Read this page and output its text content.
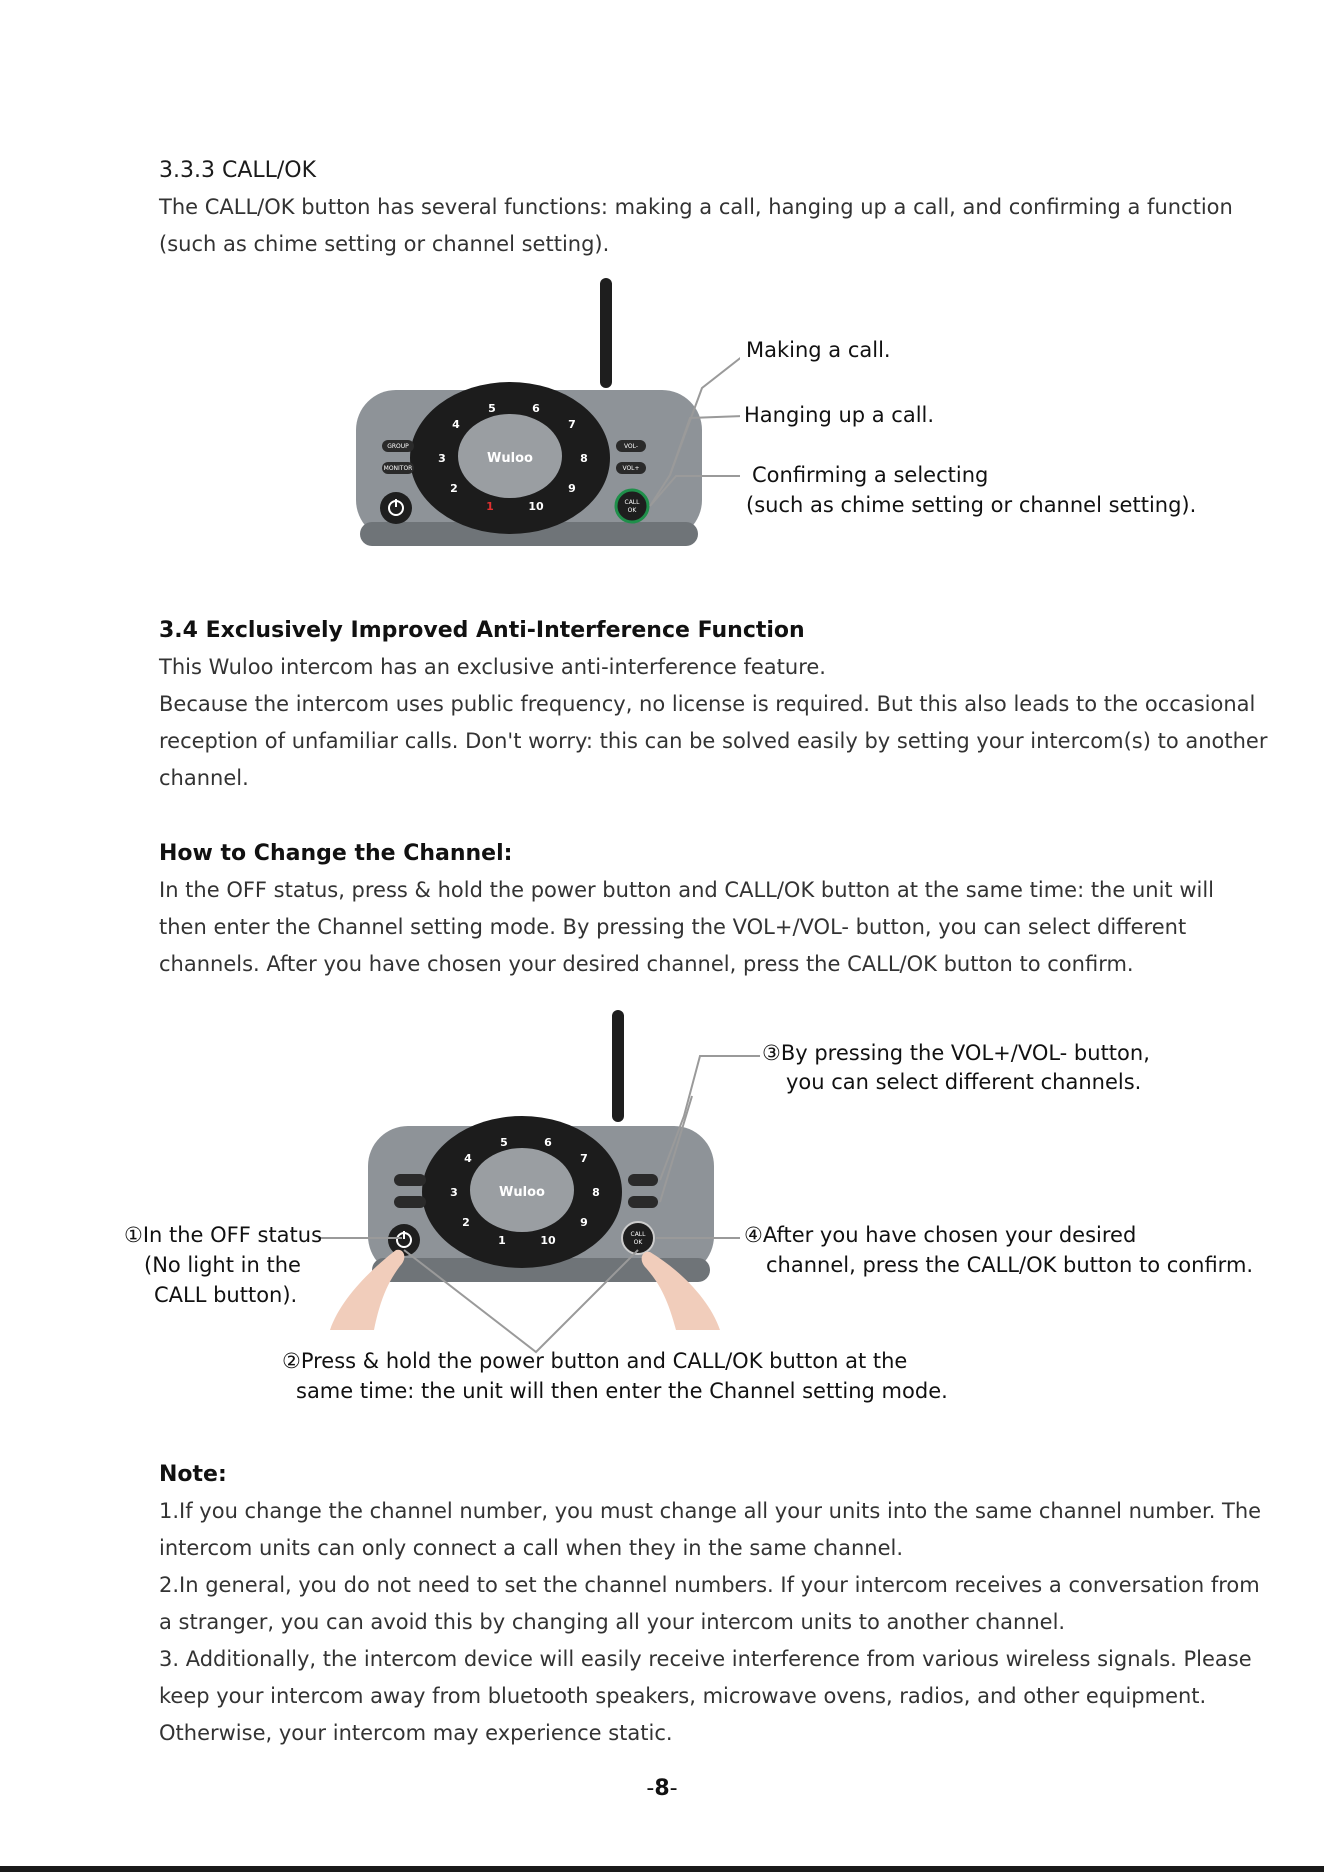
3.3.3 CALL/OK
The CALL/OK button has several functions: making a call, hanging up a call, and confirming a function
(such as chime setting or channel setting).
Wuloo
5	6
4	7
3	8
2	9
1	10
GROUP
MONITOR
VOL-
VOL+
CALL
OK
Making a call.
Hanging up a call.
Confirming a selecting
(such as chime setting or channel setting).
3.4 Exclusively Improved Anti-Interference Function
This Wuloo intercom has an exclusive anti-interference feature.
Because the intercom uses public frequency, no license is required. But this also leads to the occasional
reception of unfamiliar calls. Don't worry: this can be solved easily by setting your intercom(s) to another
channel.
How to Change the Channel:
In the OFF status, press & hold the power button and CALL/OK button at the same time: the unit will
then enter the Channel setting mode. By pressing the VOL+/VOL- button, you can select different
channels. After you have chosen your desired channel, press the CALL/OK button to confirm.
Wuloo
5	6
4	7
3	8
2	9
1	10	CALL
OK
①In the OFF status
(No light in the
CALL button).
②Press & hold the power button and CALL/OK button at the
same time: the unit will then enter the Channel setting mode.
③By pressing the VOL+/VOL- button,
you can select different channels.
④After you have chosen your desired
channel, press the CALL/OK button to confirm.
Note:
1.If you change the channel number, you must change all your units into the same channel number. The
intercom units can only connect a call when they in the same channel.
2.In general, you do not need to set the channel numbers. If your intercom receives a conversation from
a stranger, you can avoid this by changing all your intercom units to another channel.
3. Additionally, the intercom device will easily receive interference from various wireless signals. Please
keep your intercom away from bluetooth speakers, microwave ovens, radios, and other equipment.
Otherwise, your intercom may experience static.
-8-
